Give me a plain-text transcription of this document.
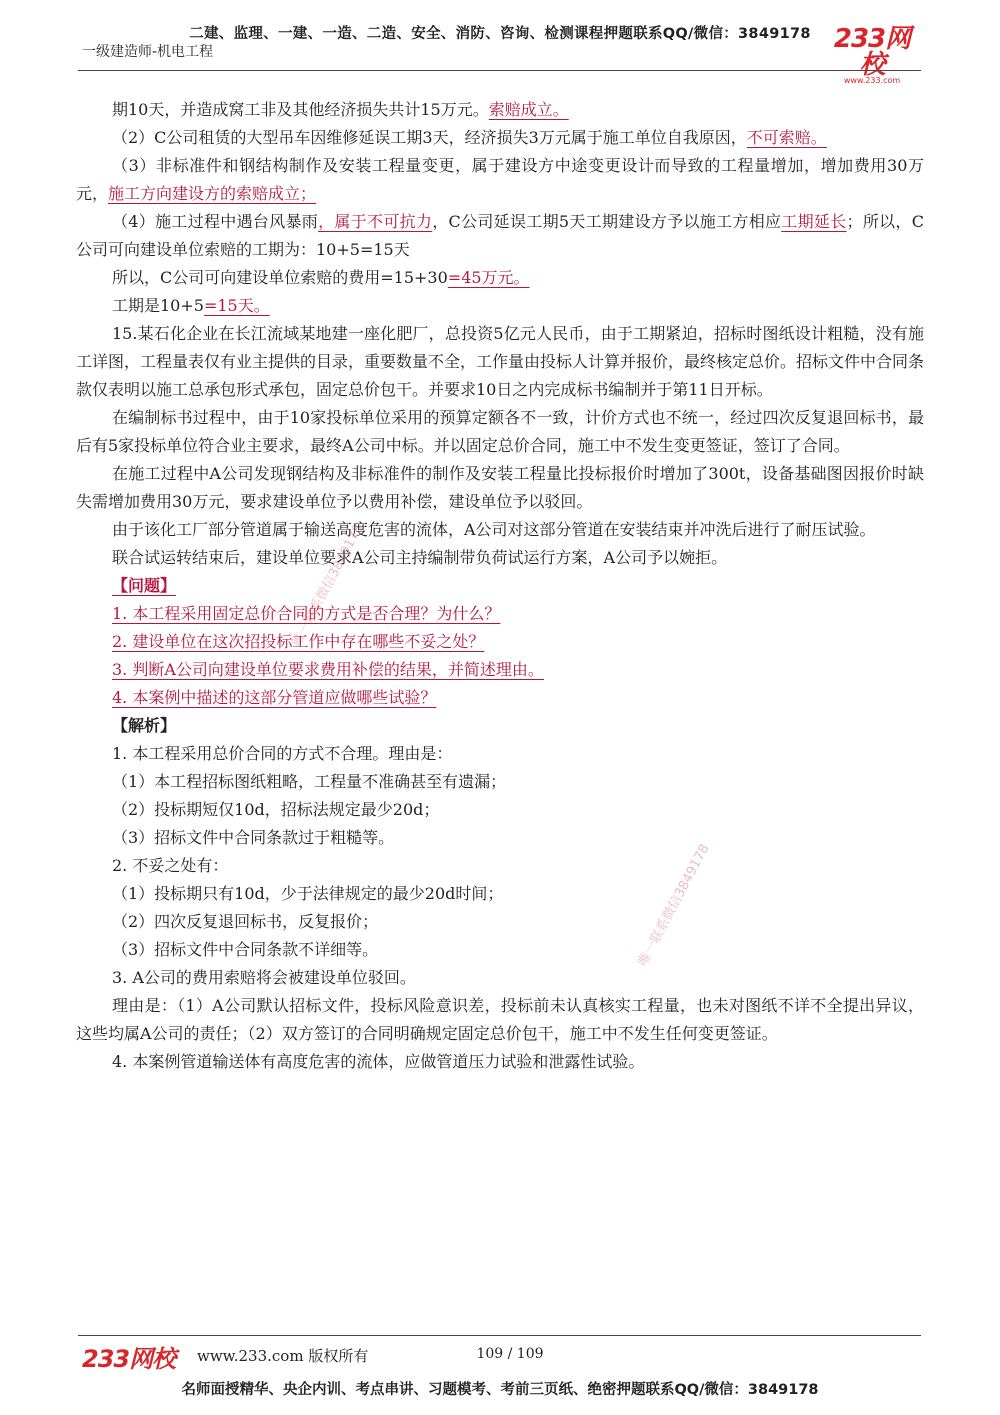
二建、监理、一建、一造、二造、安全、消防、咨询、检测课程押题联系QQ/微信：3849178
一级建造师-机电工程	233网校
www.233.com
唯一联系微信3849178
唯一联系微信3849178

期10天，并造成窝工非及其他经济损失共计15万元。索赔成立。

（2）C公司租赁的大型吊车因维修延误工期3天，经济损失3万元属于施工单位自我原因，不可索赔。

（3）非标准件和钢结构制作及安装工程量变更，属于建设方中途变更设计而导致的工程量增加，增加费用30万元，施工方向建设方的索赔成立；

（4）施工过程中遇台风暴雨，属于不可抗力，C公司延误工期5天工期建设方予以施工方相应工期延长；所以，C公司可向建设单位索赔的工期为：10+5=15天

所以，C公司可向建设单位索赔的费用=15+30=45万元。

工期是10+5=15天。

15.某石化企业在长江流域某地建一座化肥厂，总投资5亿元人民币，由于工期紧迫，招标时图纸设计粗糙，没有施工详图，工程量表仅有业主提供的目录，重要数量不全，工作量由投标人计算并报价，最终核定总价。招标文件中合同条款仅表明以施工总承包形式承包，固定总价包干。并要求10日之内完成标书编制并于第11日开标。

在编制标书过程中，由于10家投标单位采用的预算定额各不一致，计价方式也不统一，经过四次反复退回标书，最后有5家投标单位符合业主要求，最终A公司中标。并以固定总价合同，施工中不发生变更签证，签订了合同。

在施工过程中A公司发现钢结构及非标准件的制作及安装工程量比投标报价时增加了300t，设备基础图因报价时缺失需增加费用30万元，要求建设单位予以费用补偿，建设单位予以驳回。

由于该化工厂部分管道属于输送高度危害的流体，A公司对这部分管道在安装结束并冲洗后进行了耐压试验。

联合试运转结束后，建设单位要求A公司主持编制带负荷试运行方案，A公司予以婉拒。

【问题】

1. 本工程采用固定总价合同的方式是否合理？为什么？

2. 建设单位在这次招投标工作中存在哪些不妥之处？

3. 判断A公司向建设单位要求费用补偿的结果，并简述理由。

4. 本案例中描述的这部分管道应做哪些试验？

【解析】

1. 本工程采用总价合同的方式不合理。理由是：

（1）本工程招标图纸粗略，工程量不准确甚至有遗漏；

（2）投标期短仅10d，招标法规定最少20d；

（3）招标文件中合同条款过于粗糙等。

2. 不妥之处有：

（1）投标期只有10d，少于法律规定的最少20d时间；

（2）四次反复退回标书，反复报价；

（3）招标文件中合同条款不详细等。

3. A公司的费用索赔将会被建设单位驳回。

理由是：（1）A公司默认招标文件，投标风险意识差，投标前未认真核实工程量，也未对图纸不详不全提出异议，这些均属A公司的责任；（2）双方签订的合同明确规定固定总价包干，施工中不发生任何变更签证。

4. 本案例管道输送体有高度危害的流体，应做管道压力试验和泄露性试验。

233网校 www.233.com 版权所有	109 / 109
名师面授精华、央企内训、考点串讲、习题模考、考前三页纸、绝密押题联系QQ/微信：3849178
